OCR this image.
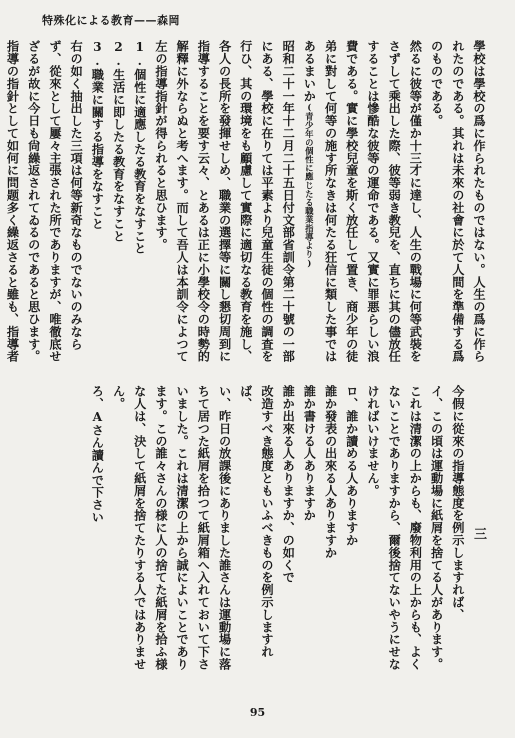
特殊化による教育——森岡

學校は學校の爲に作られたものではない。人生の爲に作られたのである。其れは未來の社會に於て人間を準備する爲のものである。

然るに彼等が僅か十三才に達し、人生の戰場に何等武裝をさずして乘出した際、彼等弱き教兒を、直ちに其の儘放任することは慘酷な彼等の運命である。又實に罪悪らしい浪費である。實に學校兒童を斯く放任して置き、商少年の徒弟に對して何等の施す所なきは何たる狂信に類した事ではあるまいか(青少年の個性に應じたる職業指導より)

昭和二十一年十二月二十五日付文部省訓令第二十號の一部にある、學校に在りては平素より兒童生徒の個性の調査を行ひ、其の環境をも顧慮して實際に適切なる教育を施し、各人の長所を發揮せしめ、職業の選擇等に關し懇切周到に指導することを要す云々、とあるは正に小學校令の時勢的解釋に外ならぬと考へます。而して吾人は本訓令によつて左の指導指針が得られると思ひます。

1.個性に適應したる教育をなすこと

2.生活に即したる教育をなすこと

3.職業に關する指導をなすこと

右の如く抽出した三項は何等新奇なものでないのみならず、從來として屢々主張された所でありますが、唯徹底せざるが故に今日も尙繰返されてゐるのであると思ひます。指導の指針として如何に問题多く繰返さると雖も、指導者

三

今假に從來の指導態度を例示しますれば、

イ、この頃は運動場に紙屑を捨てる人があります。これは清潔の上からも、廢物利用の上からも、よくないことでありますから、爾後捨てないやうにせなければいけません。

ロ、誰か讀める人ありますか

誰か發表の出來る人ありますか

誰か書ける人ありますか

誰か出來る人ありますか、の如くで

改造すべき態度ともいふべきものを例示しますれば、

い、昨日の放課後にありました誰さんは運動場に落ちて居つた紙屑を拾つて紙屑箱へ入れておいて下さいました。これは清潔の上から誠によいことであります。この誰々さんの様に人の捨てた紙屑を拾ふ様な人は、決して紙屑を捨てたりする人ではありません。

ろ、Aさん讀んで下さい

95
